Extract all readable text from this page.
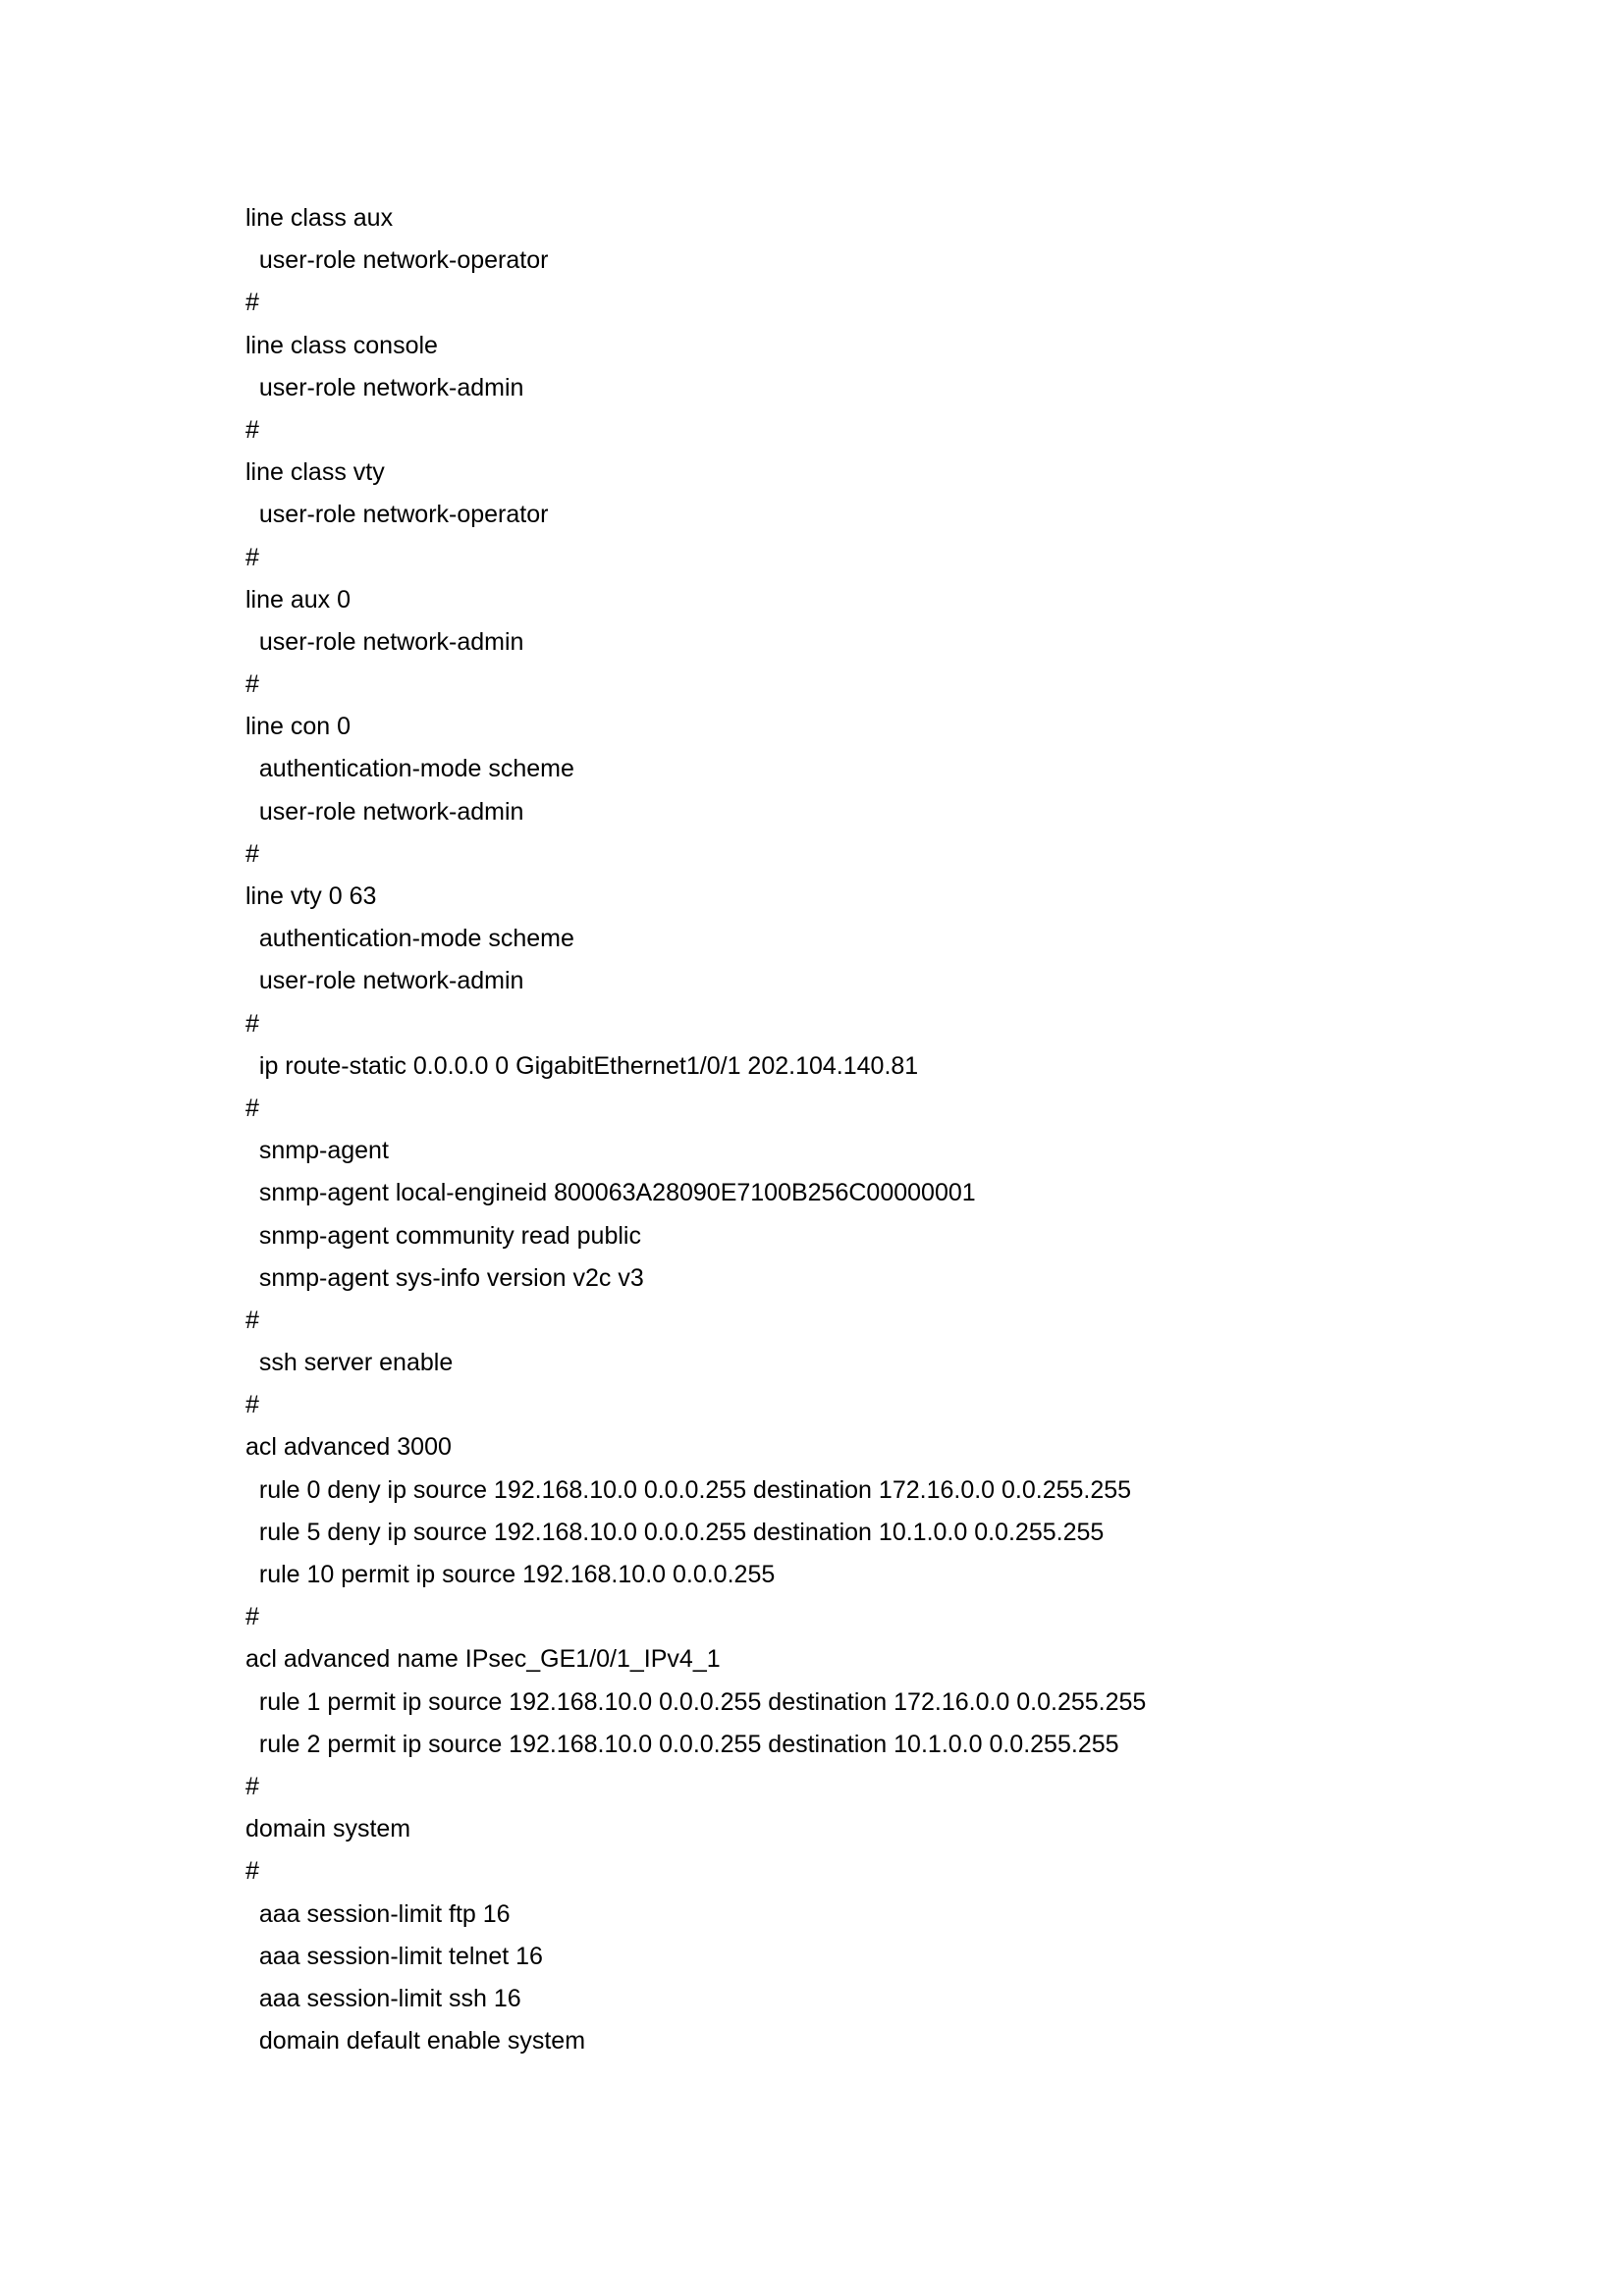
line class aux
user-role network-operator
#
line class console
user-role network-admin
#
line class vty
user-role network-operator
#
line aux 0
user-role network-admin
#
line con 0
authentication-mode scheme
user-role network-admin
#
line vty 0 63
authentication-mode scheme
user-role network-admin
#
ip route-static 0.0.0.0 0 GigabitEthernet1/0/1 202.104.140.81
#
snmp-agent
snmp-agent local-engineid 800063A28090E7100B256C00000001
snmp-agent community read public
snmp-agent sys-info version v2c v3
#
ssh server enable
#
acl advanced 3000
rule 0 deny ip source 192.168.10.0 0.0.0.255 destination 172.16.0.0 0.0.255.255
rule 5 deny ip source 192.168.10.0 0.0.0.255 destination 10.1.0.0 0.0.255.255
rule 10 permit ip source 192.168.10.0 0.0.0.255
#
acl advanced name IPsec_GE1/0/1_IPv4_1
rule 1 permit ip source 192.168.10.0 0.0.0.255 destination 172.16.0.0 0.0.255.255
rule 2 permit ip source 192.168.10.0 0.0.0.255 destination 10.1.0.0 0.0.255.255
#
domain system
#
aaa session-limit ftp 16
aaa session-limit telnet 16
aaa session-limit ssh 16
domain default enable system
